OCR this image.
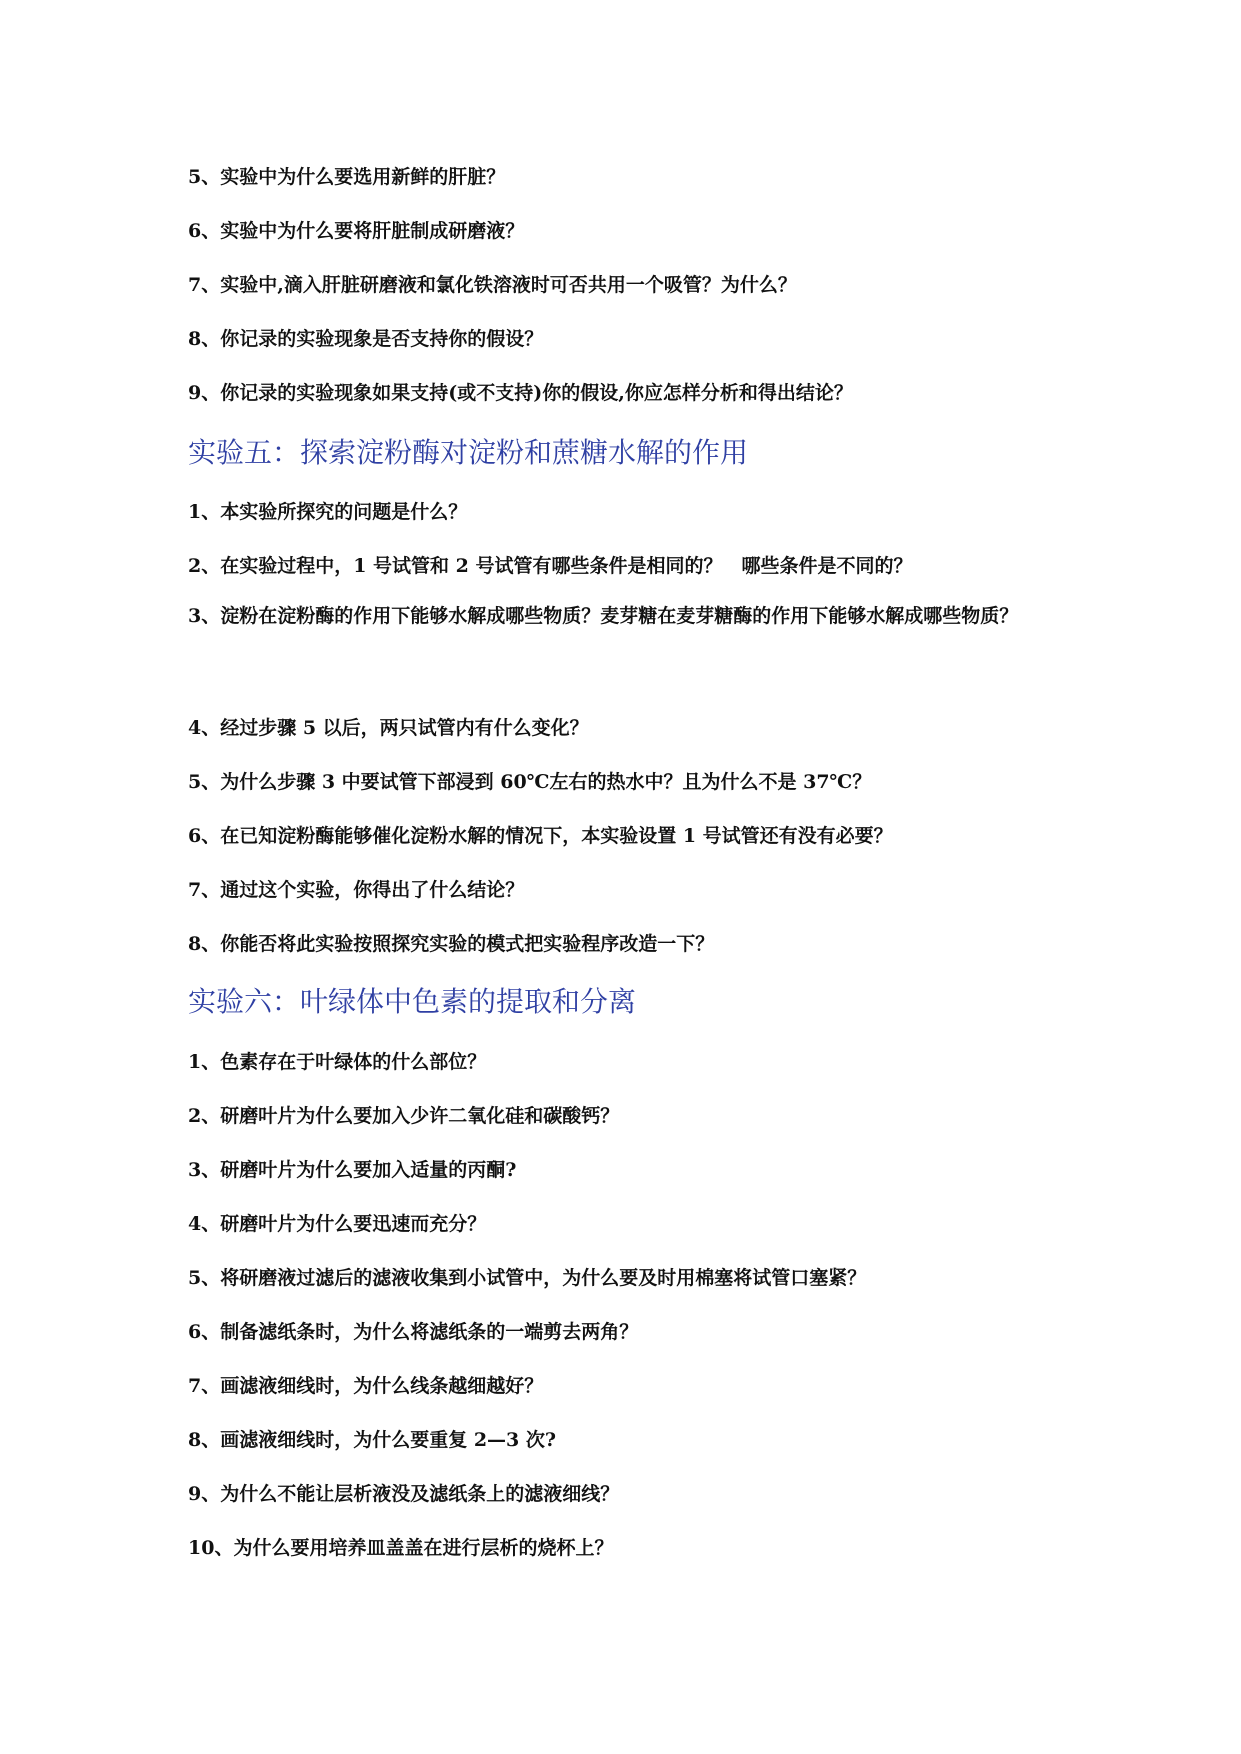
5、实验中为什么要选用新鲜的肝脏？
6、实验中为什么要将肝脏制成研磨液？
7、实验中,滴入肝脏研磨液和氯化铁溶液时可否共用一个吸管？为什么？
8、你记录的实验现象是否支持你的假设？
9、你记录的实验现象如果支持(或不支持)你的假设,你应怎样分析和得出结论？
实验五：探索淀粉酶对淀粉和蔗糖水解的作用
1、本实验所探究的问题是什么？
2、在实验过程中，1 号试管和 2 号试管有哪些条件是相同的？　哪些条件是不同的？
3、淀粉在淀粉酶的作用下能够水解成哪些物质？麦芽糖在麦芽糖酶的作用下能够水解成哪些物质？
4、经过步骤 5 以后，两只试管内有什么变化？
5、为什么步骤 3 中要试管下部浸到 60℃左右的热水中？且为什么不是 37℃？
6、在已知淀粉酶能够催化淀粉水解的情况下，本实验设置 1 号试管还有没有必要？
7、通过这个实验，你得出了什么结论？
8、你能否将此实验按照探究实验的模式把实验程序改造一下？
实验六：叶绿体中色素的提取和分离
1、色素存在于叶绿体的什么部位？
2、研磨叶片为什么要加入少许二氧化硅和碳酸钙？
3、研磨叶片为什么要加入适量的丙酮?
4、研磨叶片为什么要迅速而充分？
5、将研磨液过滤后的滤液收集到小试管中，为什么要及时用棉塞将试管口塞紧？
6、制备滤纸条时，为什么将滤纸条的一端剪去两角？
7、画滤液细线时，为什么线条越细越好？
8、画滤液细线时，为什么要重复 2—3 次?
9、为什么不能让层析液没及滤纸条上的滤液细线？
10、为什么要用培养皿盖盖在进行层析的烧杯上？
